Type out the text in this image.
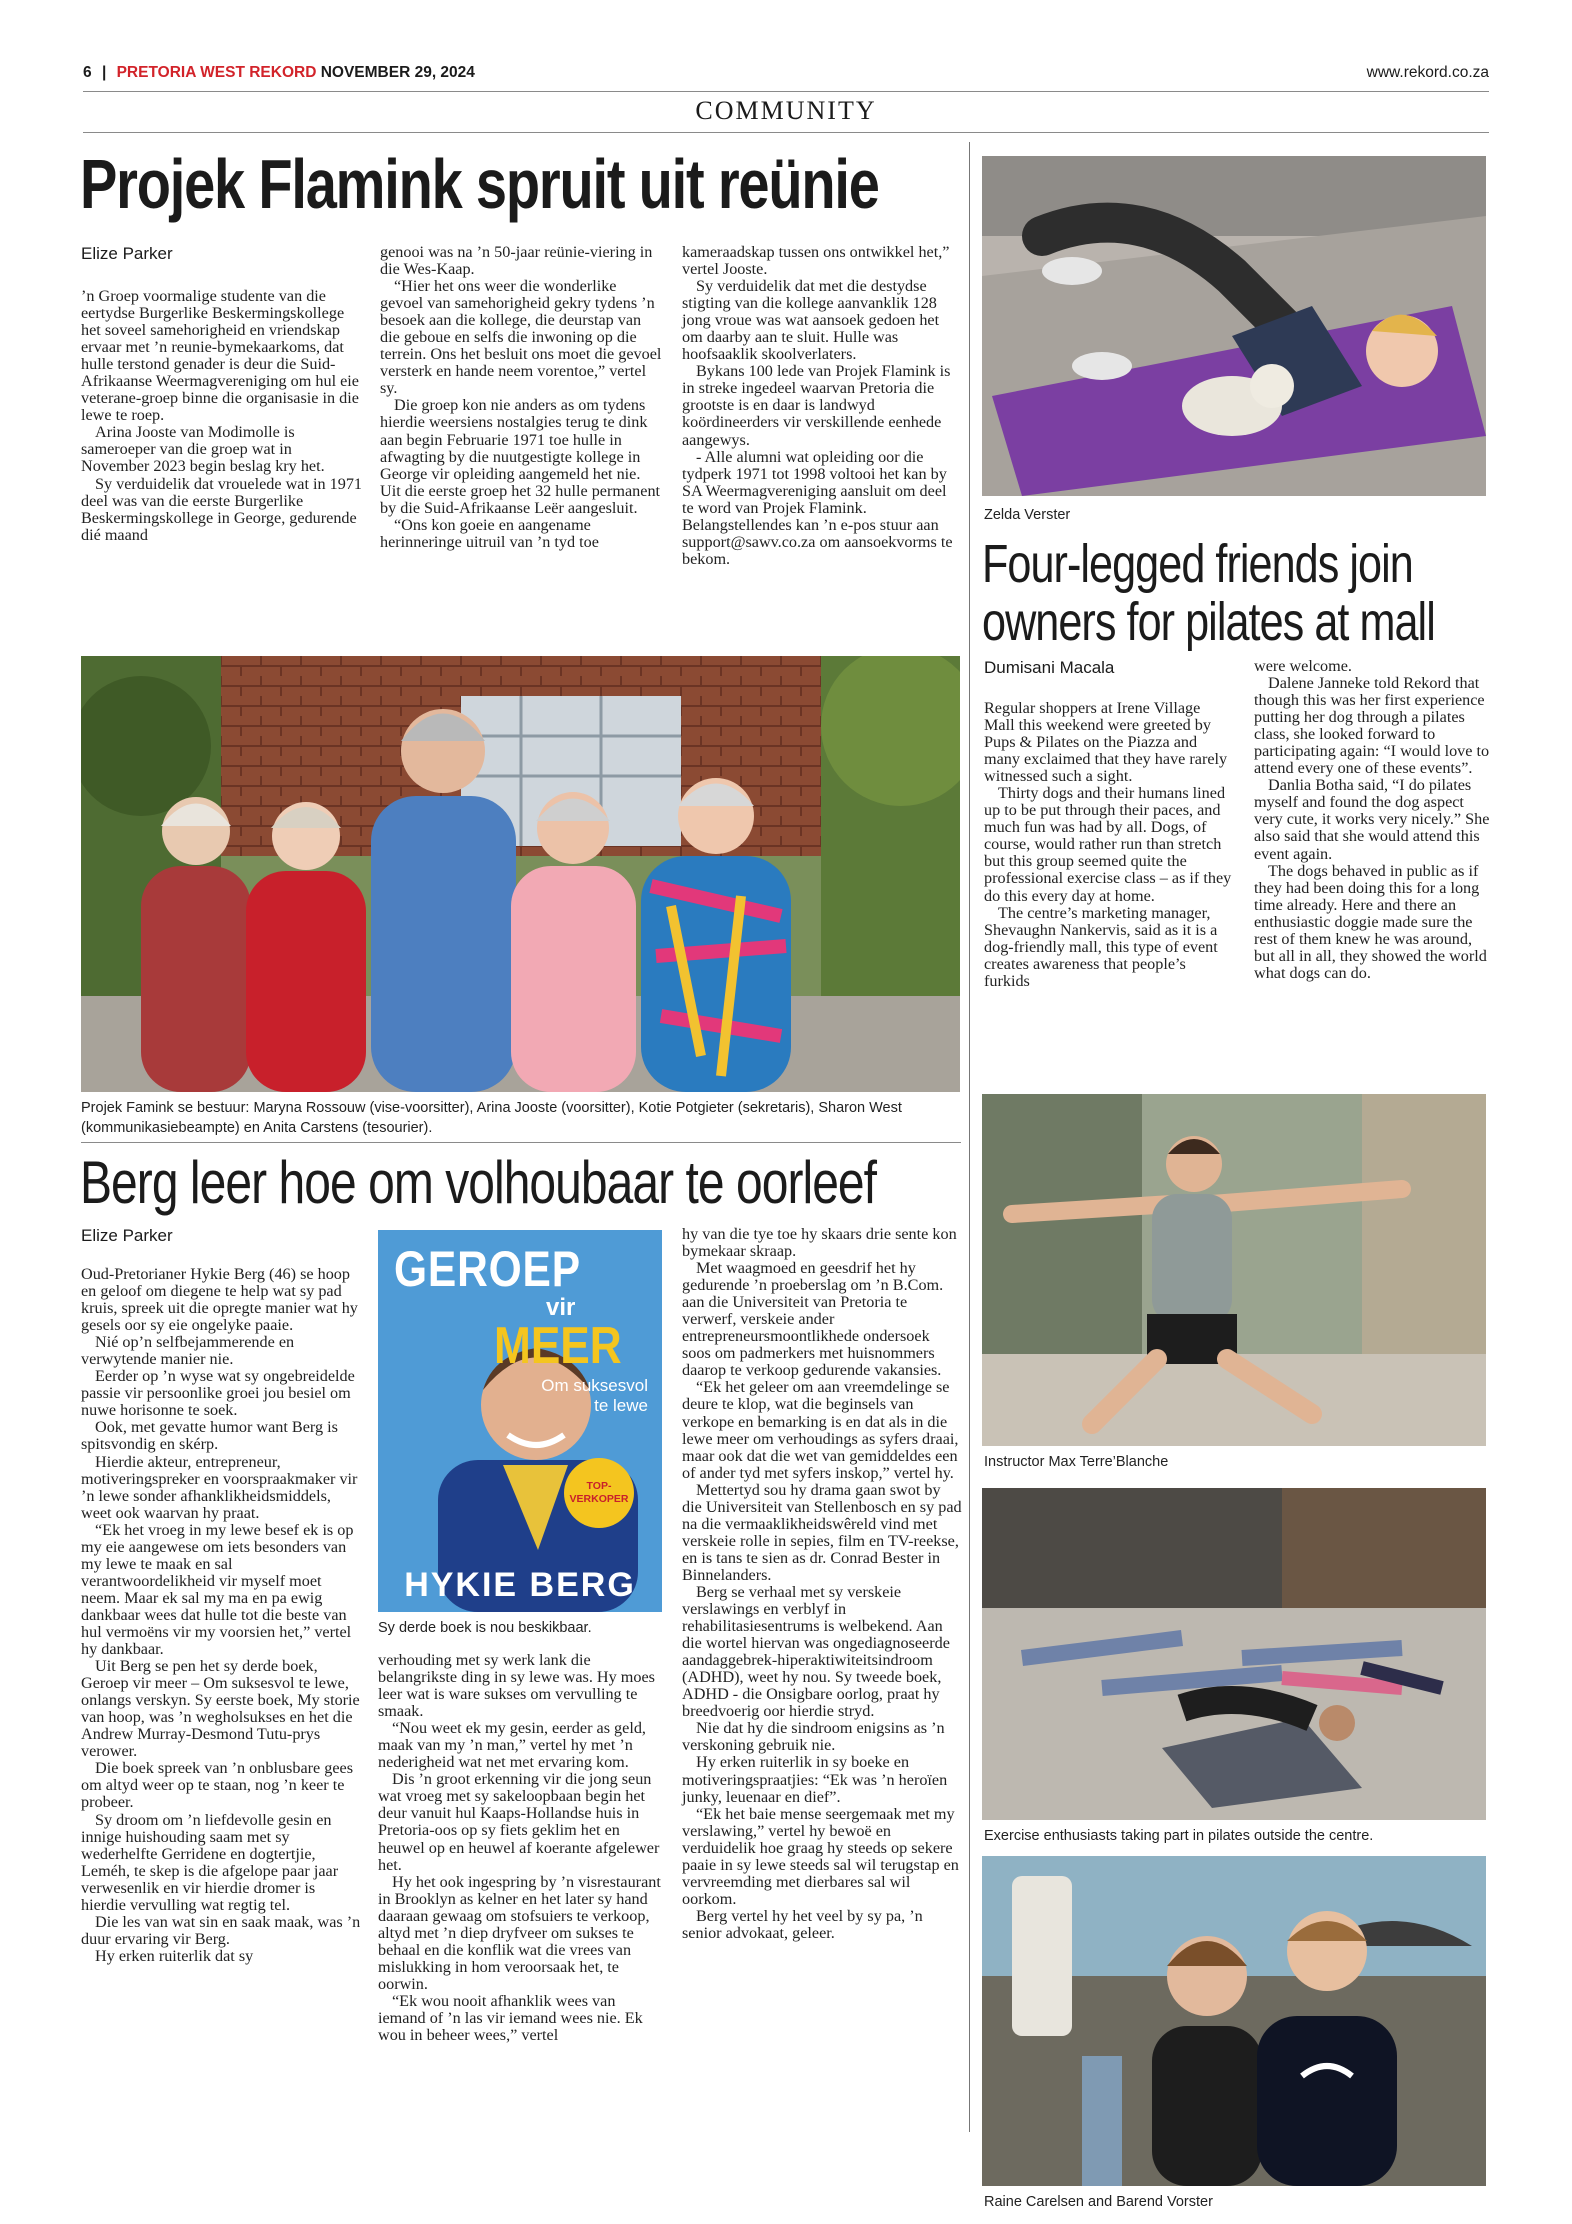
6 | PRETORIA WEST REKORD NOVEMBER 29, 2024	www.rekord.co.za
COMMUNITY
Projek Flamink spruit uit reünie
Elize Parker

’n Groep voormalige studente van die eertydse Burgerlike Beskermingskollege het soveel samehorigheid en vriendskap ervaar met ’n reunie-bymekaarkoms, dat hulle terstond genader is deur die Suid-Afrikaanse Weermagvereniging om hul eie veterane-groep binne die organisasie in die lewe te roep.

Arina Jooste van Modimolle is sameroeper van die groep wat in November 2023 begin beslag kry het.

Sy verduidelik dat vrouelede wat in 1971 deel was van die eerste Burgerlike Beskermingskollege in George, gedurende dié maand

genooi was na ’n 50-jaar reünie-viering in die Wes-Kaap.

“Hier het ons weer die wonderlike gevoel van samehorigheid gekry tydens ’n besoek aan die kollege, die deurstap van die geboue en selfs die inwoning op die terrein. Ons het besluit ons moet die gevoel versterk en hande neem vorentoe,” vertel sy.

Die groep kon nie anders as om tydens hierdie weersiens nostalgies terug te dink aan begin Februarie 1971 toe hulle in afwagting by die nuutgestigte kollege in George vir opleiding aangemeld het nie. Uit die eerste groep het 32 hulle permanent by die Suid-Afrikaanse Leër aangesluit.

“Ons kon goeie en aangename herinneringe uitruil van ’n tyd toe

kameraadskap tussen ons ontwikkel het,” vertel Jooste.

Sy verduidelik dat met die destydse stigting van die kollege aanvanklik 128 jong vroue was wat aansoek gedoen het om daarby aan te sluit. Hulle was hoofsaaklik skoolverlaters.

Bykans 100 lede van Projek Flamink is in streke ingedeel waarvan Pretoria die grootste is en daar is landwyd koördineerders vir verskillende eenhede aangewys.

- Alle alumni wat opleiding oor die tydperk 1971 tot 1998 voltooi het kan by SA Weermagvereniging aansluit om deel te word van Projek Flamink. Belangstellendes kan ’n e-pos stuur aan support@sawv.co.za om aansoekvorms te bekom.

Projek Famink se bestuur: Maryna Rossouw (vise-voorsitter), Arina Jooste (voorsitter), Kotie Potgieter (sekretaris), Sharon West (kommunikasiebeampte) en Anita Carstens (tesourier).
Berg leer hoe om volhoubaar te oorleef
Elize Parker

Oud-Pretorianer Hykie Berg (46) se hoop en geloof om diegene te help wat sy pad kruis, spreek uit die opregte manier wat hy gesels oor sy eie ongelyke paaie.

Nié op’n selfbejammerende en verwytende manier nie.

Eerder op ’n wyse wat sy ongebreidelde passie vir persoonlike groei jou besiel om nuwe horisonne te soek.

Ook, met gevatte humor want Berg is spitsvondig en skérp.

Hierdie akteur, entrepreneur, motiveringspreker en voorspraakmaker vir ’n lewe sonder afhanklikheidsmiddels, weet ook waarvan hy praat.

“Ek het vroeg in my lewe besef ek is op my eie aangewese om iets besonders van my lewe te maak en sal verantwoordelikheid vir myself moet neem. Maar ek sal my ma en pa ewig dankbaar wees dat hulle tot die beste van hul vermoëns vir my voorsien het,” vertel hy dankbaar.

Uit Berg se pen het sy derde boek, Geroep vir meer – Om suksesvol te lewe, onlangs verskyn. Sy eerste boek, My storie van hoop, was ’n wegholsukses en het die Andrew Murray-Desmond Tutu-prys verower.

Die boek spreek van ’n onblusbare gees om altyd weer op te staan, nog ’n keer te probeer.

Sy droom om ’n liefdevolle gesin en innige huishouding saam met sy wederhelfte Gerridene en dogtertjie, Leméh, te skep is die afgelope paar jaar verwesenlik en vir hierdie dromer is hierdie vervulling wat regtig tel.

Die les van wat sin en saak maak, was ’n duur ervaring vir Berg.

Hy erken ruiterlik dat sy

GEROEP
vir
MEER
Om suksesvol
te lewe
TOP-
VERKOPER
HYKIE BERG
Sy derde boek is nou beskikbaar.

verhouding met sy werk lank die belangrikste ding in sy lewe was. Hy moes leer wat is ware sukses om vervulling te smaak.

“Nou weet ek my gesin, eerder as geld, maak van my ’n man,” vertel hy met ’n nederigheid wat net met ervaring kom.

Dis ’n groot erkenning vir die jong seun wat vroeg met sy sakeloopbaan begin het deur vanuit hul Kaaps-Hollandse huis in Pretoria-oos op sy fiets geklim het en heuwel op en heuwel af koerante afgelewer het.

Hy het ook ingespring by ’n visrestaurant in Brooklyn as kelner en het later sy hand daaraan gewaag om stofsuiers te verkoop, altyd met ’n diep dryfveer om sukses te behaal en die konflik wat die vrees van mislukking in hom veroorsaak het, te oorwin.

“Ek wou nooit afhanklik wees van iemand of ’n las vir iemand wees nie. Ek wou in beheer wees,” vertel

hy van die tye toe hy skaars drie sente kon bymekaar skraap.

Met waagmoed en geesdrif het hy gedurende ’n proeberslag om ’n B.Com. aan die Universiteit van Pretoria te verwerf, verskeie ander entrepreneursmoontlikhede ondersoek soos om padmerkers met huisnommers daarop te verkoop gedurende vakansies.

“Ek het geleer om aan vreemdelinge se deure te klop, wat die beginsels van verkope en bemarking is en dat als in die lewe meer om verhoudings as syfers draai, maar ook dat die wet van gemiddeldes een of ander tyd met syfers inskop,” vertel hy.

Mettertyd sou hy drama gaan swot by die Universiteit van Stellenbosch en sy pad na die vermaaklikheidswêreld vind met verskeie rolle in sepies, film en TV-reekse, en is tans te sien as dr. Conrad Bester in Binnelanders.

Berg se verhaal met sy verskeie verslawings en verblyf in rehabilitasiesentrums is welbekend. Aan die wortel hiervan was ongediagnoseerde aandaggebrek-hiperaktiwiteitsindroom (ADHD), weet hy nou. Sy tweede boek, ADHD - die Onsigbare oorlog, praat hy breedvoerig oor hierdie stryd.

Nie dat hy die sindroom enigsins as ’n verskoning gebruik nie.

Hy erken ruiterlik in sy boeke en motiveringspraatjies: “Ek was ’n heroïen junky, leuenaar en dief”.

“Ek het baie mense seergemaak met my verslawing,” vertel hy bewoë en verduidelik hoe graag hy steeds op sekere paaie in sy lewe steeds sal wil terugstap en vervreemding met dierbares sal wil oorkom.

Berg vertel hy het veel by sy pa, ’n senior advokaat, geleer.

Zelda Verster
Four-legged friends join
owners for pilates at mall
Dumisani Macala

Regular shoppers at Irene Village Mall this weekend were greeted by Pups & Pilates on the Piazza and many exclaimed that they have rarely witnessed such a sight.

Thirty dogs and their humans lined up to be put through their paces, and much fun was had by all. Dogs, of course, would rather run than stretch but this group seemed quite the professional exercise class – as if they do this every day at home.

The centre’s marketing manager, Shevaughn Nankervis, said as it is a dog-friendly mall, this type of event creates awareness that people’s furkids

were welcome.

Dalene Janneke told Rekord that though this was her first experience putting her dog through a pilates class, she looked forward to participating again: “I would love to attend every one of these events”.

Danlia Botha said, “I do pilates myself and found the dog aspect very cute, it works very nicely.” She also said that she would attend this event again.

The dogs behaved in public as if they had been doing this for a long time already. Here and there an enthusiastic doggie made sure the rest of them knew he was around, but all in all, they showed the world what dogs can do.

Instructor Max Terre’Blanche
Exercise enthusiasts taking part in pilates outside the centre.
Raine Carelsen and Barend Vorster
